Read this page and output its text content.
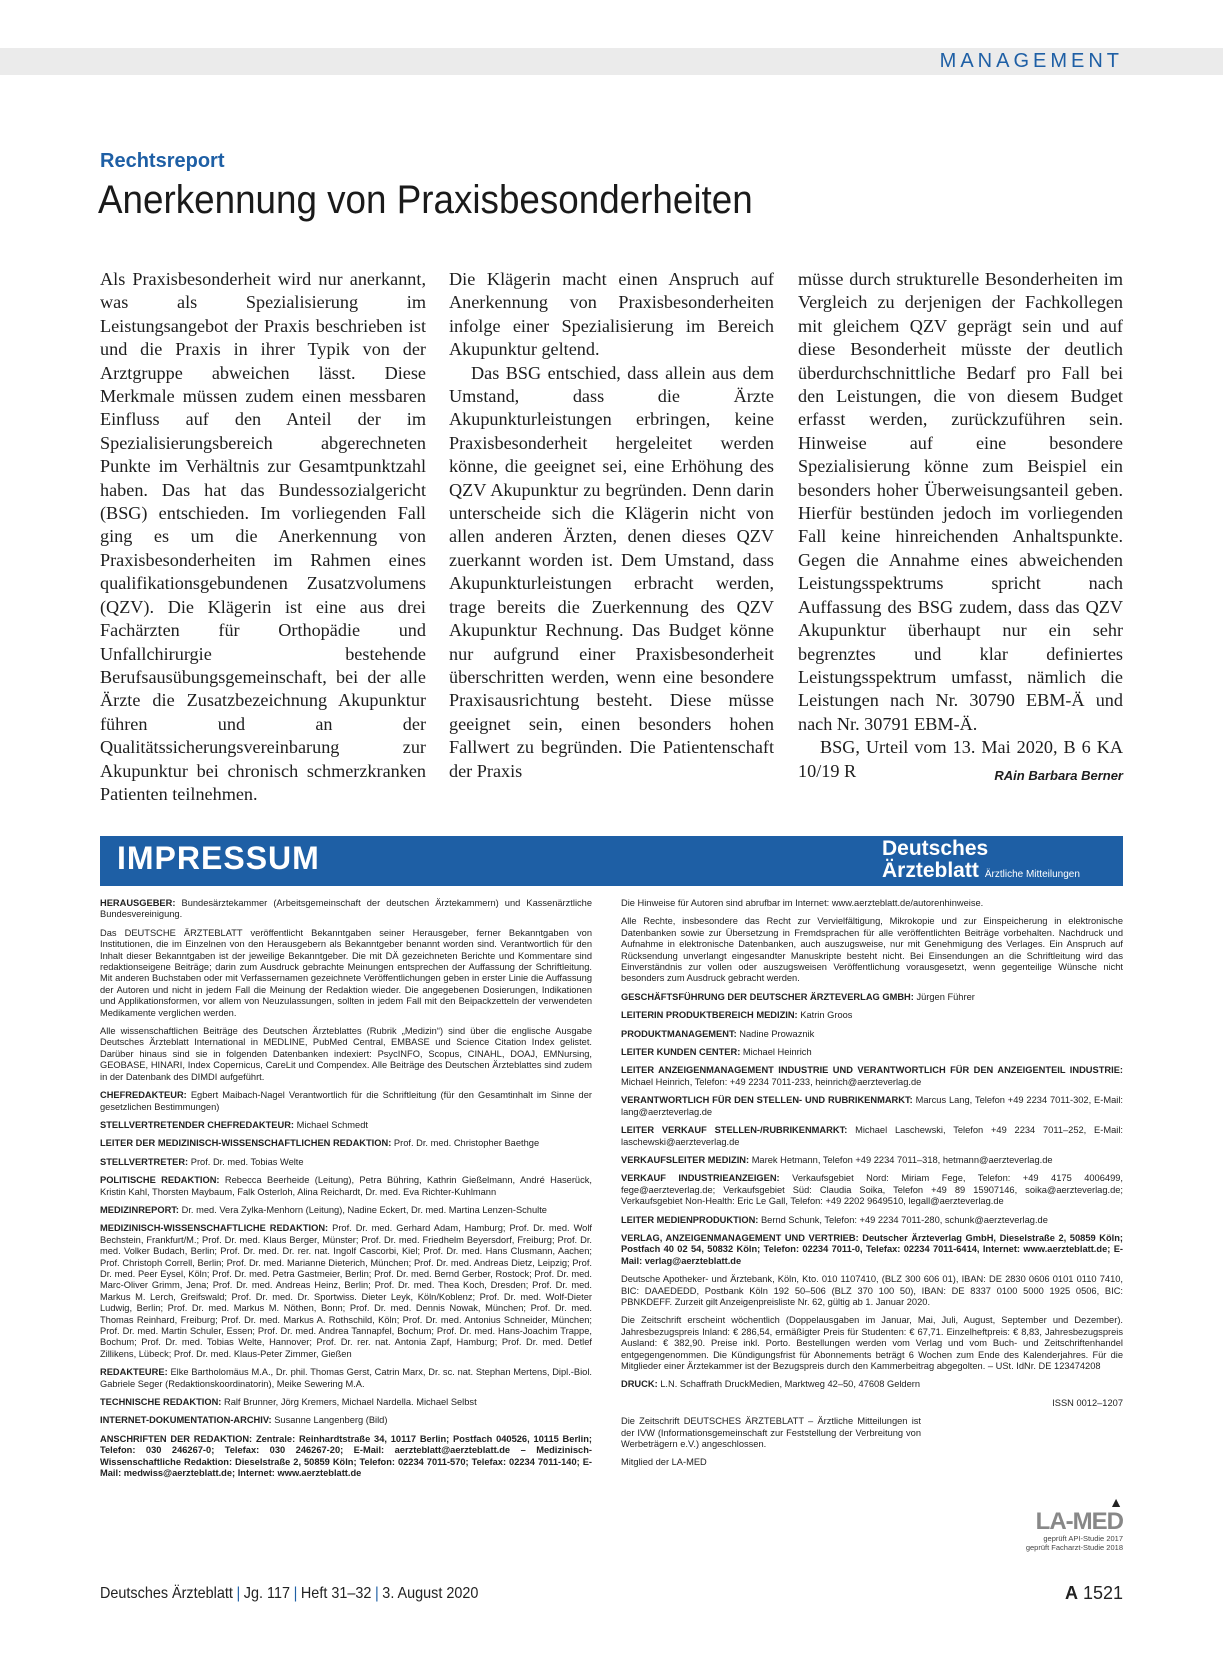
MANAGEMENT
Rechtsreport
Anerkennung von Praxisbesonderheiten

Als Praxisbesonderheit wird nur anerkannt, was als Spezialisierung im Leistungsangebot der Praxis beschrieben ist und die Praxis in ihrer Typik von der Arztgruppe abweichen lässt. Diese Merkmale müssen zudem einen messbaren Einfluss auf den Anteil der im Spezialisierungsbereich abgerechneten Punkte im Verhältnis zur Gesamtpunktzahl haben. Das hat das Bundessozialgericht (BSG) entschieden. Im vorliegenden Fall ging es um die Anerkennung von Praxisbesonderheiten im Rahmen eines qualifikationsgebundenen Zusatzvolumens (QZV). Die Klägerin ist eine aus drei Fachärzten für Orthopädie und Unfallchirurgie bestehende Berufsausübungsgemeinschaft, bei der alle Ärzte die Zusatzbezeichnung Akupunktur führen und an der Qualitätssicherungsvereinbarung zur Akupunktur bei chronisch schmerzkranken Patienten teilnehmen.

Die Klägerin macht einen Anspruch auf Anerkennung von Praxisbesonderheiten infolge einer Spezialisierung im Bereich Akupunktur geltend.

Das BSG entschied, dass allein aus dem Umstand, dass die Ärzte Akupunkturleistungen erbringen, keine Praxisbesonderheit hergeleitet werden könne, die geeignet sei, eine Erhöhung des QZV Akupunktur zu begründen. Denn darin unterscheide sich die Klägerin nicht von allen anderen Ärzten, denen dieses QZV zuerkannt worden ist. Dem Umstand, dass Akupunkturleistungen erbracht werden, trage bereits die Zuerkennung des QZV Akupunktur Rechnung. Das Budget könne nur aufgrund einer Praxisbesonderheit überschritten werden, wenn eine besondere Praxisausrichtung besteht. Diese müsse geeignet sein, einen besonders hohen Fallwert zu begründen. Die Patientenschaft der Praxis

müsse durch strukturelle Besonderheiten im Vergleich zu derjenigen der Fachkollegen mit gleichem QZV geprägt sein und auf diese Besonderheit müsste der deutlich überdurchschnittliche Bedarf pro Fall bei den Leistungen, die von diesem Budget erfasst werden, zurückzuführen sein. Hinweise auf eine besondere Spezialisierung könne zum Beispiel ein besonders hoher Überweisungsanteil geben. Hierfür bestünden jedoch im vorliegenden Fall keine hinreichenden Anhaltspunkte. Gegen die Annahme eines abweichenden Leistungsspektrums spricht nach Auffassung des BSG zudem, dass das QZV Akupunktur überhaupt nur ein sehr begrenztes und klar definiertes Leistungsspektrum umfasst, nämlich die Leistungen nach Nr. 30790 EBM-Ä und nach Nr. 30791 EBM-Ä.

BSG, Urteil vom 13. Mai 2020, B 6 KA 10/19 R	RAin Barbara Berner

IMPRESSUM	Deutsches
Ärzteblatt Ärztliche Mitteilungen

HERAUSGEBER: Bundesärztekammer (Arbeitsgemeinschaft der deutschen Ärztekammern) und Kassenärztliche Bundesvereinigung.

Das DEUTSCHE ÄRZTEBLATT veröffentlicht Bekanntgaben seiner Herausgeber, ferner Bekanntgaben von Institutionen, die im Einzelnen von den Herausgebern als Bekanntgeber benannt worden sind. Verantwortlich für den Inhalt dieser Bekanntgaben ist der jeweilige Bekanntgeber. Die mit DÄ gezeichneten Berichte und Kommentare sind redaktionseigene Beiträge; darin zum Ausdruck gebrachte Meinungen entsprechen der Auffassung der Schriftleitung. Mit anderen Buchstaben oder mit Verfassernamen gezeichnete Veröffentlichungen geben in erster Linie die Auffassung der Autoren und nicht in jedem Fall die Meinung der Redaktion wieder. Die angegebenen Dosierungen, Indikationen und Applikationsformen, vor allem von Neuzulassungen, sollten in jedem Fall mit den Beipackzetteln der verwendeten Medikamente verglichen werden.

Alle wissenschaftlichen Beiträge des Deutschen Ärzteblattes (Rubrik „Medizin“) sind über die englische Ausgabe Deutsches Ärzteblatt International in MEDLINE, PubMed Central, EMBASE und Science Citation Index gelistet. Darüber hinaus sind sie in folgenden Datenbanken indexiert: PsycINFO, Scopus, CINAHL, DOAJ, EMNursing, GEOBASE, HINARI, Index Copernicus, CareLit und Compendex. Alle Beiträge des Deutschen Ärzteblattes sind zudem in der Datenbank des DIMDI aufgeführt.

CHEFREDAKTEUR: Egbert Maibach-Nagel Verantwortlich für die Schriftleitung (für den Gesamtinhalt im Sinne der gesetzlichen Bestimmungen)

STELLVERTRETENDER CHEFREDAKTEUR: Michael Schmedt

LEITER DER MEDIZINISCH-WISSENSCHAFTLICHEN REDAKTION: Prof. Dr. med. Christopher Baethge

STELLVERTRETER: Prof. Dr. med. Tobias Welte

POLITISCHE REDAKTION: Rebecca Beerheide (Leitung), Petra Bühring, Kathrin Gießelmann, André Haserück, Kristin Kahl, Thorsten Maybaum, Falk Osterloh, Alina Reichardt, Dr. med. Eva Richter-Kuhlmann

MEDIZINREPORT: Dr. med. Vera Zylka-Menhorn (Leitung), Nadine Eckert, Dr. med. Martina Lenzen-Schulte

MEDIZINISCH-WISSENSCHAFTLICHE REDAKTION: Prof. Dr. med. Gerhard Adam, Hamburg; Prof. Dr. med. Wolf Bechstein, Frankfurt/M.; Prof. Dr. med. Klaus Berger, Münster; Prof. Dr. med. Friedhelm Beyersdorf, Freiburg; Prof. Dr. med. Volker Budach, Berlin; Prof. Dr. med. Dr. rer. nat. Ingolf Cascorbi, Kiel; Prof. Dr. med. Hans Clusmann, Aachen; Prof. Christoph Correll, Berlin; Prof. Dr. med. Marianne Dieterich, München; Prof. Dr. med. Andreas Dietz, Leipzig; Prof. Dr. med. Peer Eysel, Köln; Prof. Dr. med. Petra Gastmeier, Berlin; Prof. Dr. med. Bernd Gerber, Rostock; Prof. Dr. med. Marc-Oliver Grimm, Jena; Prof. Dr. med. Andreas Heinz, Berlin; Prof. Dr. med. Thea Koch, Dresden; Prof. Dr. med. Markus M. Lerch, Greifswald; Prof. Dr. med. Dr. Sportwiss. Dieter Leyk, Köln/Koblenz; Prof. Dr. med. Wolf-Dieter Ludwig, Berlin; Prof. Dr. med. Markus M. Nöthen, Bonn; Prof. Dr. med. Dennis Nowak, München; Prof. Dr. med. Thomas Reinhard, Freiburg; Prof. Dr. med. Markus A. Rothschild, Köln; Prof. Dr. med. Antonius Schneider, München; Prof. Dr. med. Martin Schuler, Essen; Prof. Dr. med. Andrea Tannapfel, Bochum; Prof. Dr. med. Hans-Joachim Trappe, Bochum; Prof. Dr. med. Tobias Welte, Hannover; Prof. Dr. rer. nat. Antonia Zapf, Hamburg; Prof. Dr. med. Detlef Zillikens, Lübeck; Prof. Dr. med. Klaus-Peter Zimmer, Gießen

REDAKTEURE: Elke Bartholomäus M.A., Dr. phil. Thomas Gerst, Catrin Marx, Dr. sc. nat. Stephan Mertens, Dipl.-Biol. Gabriele Seger (Redaktionskoordinatorin), Meike Sewering M.A.

TECHNISCHE REDAKTION: Ralf Brunner, Jörg Kremers, Michael Nardella. Michael Selbst

INTERNET-DOKUMENTATION-ARCHIV: Susanne Langenberg (Bild)

ANSCHRIFTEN DER REDAKTION: Zentrale: Reinhardtstraße 34, 10117 Berlin; Postfach 040526, 10115 Berlin; Telefon: 030 246267-0; Telefax: 030 246267-20; E-Mail: aerzteblatt@aerzteblatt.de – Medizinisch-Wissenschaftliche Redaktion: Dieselstraße 2, 50859 Köln; Telefon: 02234 7011-570; Telefax: 02234 7011-140; E-Mail: medwiss@aerzteblatt.de; Internet: www.aerzteblatt.de

Die Hinweise für Autoren sind abrufbar im Internet: www.aerzteblatt.de/autorenhinweise.

Alle Rechte, insbesondere das Recht zur Vervielfältigung, Mikrokopie und zur Einspeicherung in elektronische Datenbanken sowie zur Übersetzung in Fremdsprachen für alle veröffentlichten Beiträge vorbehalten. Nachdruck und Aufnahme in elektronische Datenbanken, auch auszugsweise, nur mit Genehmigung des Verlages. Ein Anspruch auf Rücksendung unverlangt eingesandter Manuskripte besteht nicht. Bei Einsendungen an die Schriftleitung wird das Einverständnis zur vollen oder auszugsweisen Veröffentlichung vorausgesetzt, wenn gegenteilige Wünsche nicht besonders zum Ausdruck gebracht werden.

GESCHÄFTSFÜHRUNG DER DEUTSCHER ÄRZTEVERLAG GMBH: Jürgen Führer

LEITERIN PRODUKTBEREICH MEDIZIN: Katrin Groos

PRODUKTMANAGEMENT: Nadine Prowaznik

LEITER KUNDEN CENTER: Michael Heinrich

LEITER ANZEIGENMANAGEMENT INDUSTRIE UND VERANTWORTLICH FÜR DEN ANZEIGENTEIL INDUSTRIE: Michael Heinrich, Telefon: +49 2234 7011-233, heinrich@aerzteverlag.de

VERANTWORTLICH FÜR DEN STELLEN- UND RUBRIKENMARKT: Marcus Lang, Telefon +49 2234 7011-302, E-Mail: lang@aerzteverlag.de

LEITER VERKAUF STELLEN-/RUBRIKENMARKT: Michael Laschewski, Telefon +49 2234 7011–252, E-Mail: laschewski@aerzteverlag.de

VERKAUFSLEITER MEDIZIN: Marek Hetmann, Telefon +49 2234 7011–318, hetmann@aerzteverlag.de

VERKAUF INDUSTRIEANZEIGEN: Verkaufsgebiet Nord: Miriam Fege, Telefon: +49 4175 4006499, fege@aerzteverlag.de; Verkaufsgebiet Süd: Claudia Soika, Telefon +49 89 15907146, soika@aerzteverlag.de; Verkaufsgebiet Non-Health: Eric Le Gall, Telefon: +49 2202 9649510, legall@aerzteverlag.de

LEITER MEDIENPRODUKTION: Bernd Schunk, Telefon: +49 2234 7011-280, schunk@aerzteverlag.de

VERLAG, ANZEIGENMANAGEMENT UND VERTRIEB: Deutscher Ärzteverlag GmbH, Dieselstraße 2, 50859 Köln; Postfach 40 02 54, 50832 Köln; Telefon: 02234 7011-0, Telefax: 02234 7011-6414, Internet: www.aerzteblatt.de; E-Mail: verlag@aerzteblatt.de

Deutsche Apotheker- und Ärztebank, Köln, Kto. 010 1107410, (BLZ 300 606 01), IBAN: DE 2830 0606 0101 0110 7410, BIC: DAAEDEDD, Postbank Köln 192 50–506 (BLZ 370 100 50), IBAN: DE 8337 0100 5000 1925 0506, BIC: PBNKDEFF. Zurzeit gilt Anzeigenpreisliste Nr. 62, gültig ab 1. Januar 2020.

Die Zeitschrift erscheint wöchentlich (Doppelausgaben im Januar, Mai, Juli, August, September und Dezember). Jahresbezugspreis Inland: € 286,54, ermäßigter Preis für Studenten: € 67,71. Einzelheftpreis: € 8,83, Jahresbezugspreis Ausland: € 382,90. Preise inkl. Porto. Bestellungen werden vom Verlag und vom Buch- und Zeitschriftenhandel entgegengenommen. Die Kündigungsfrist für Abonnements beträgt 6 Wochen zum Ende des Kalenderjahres. Für die Mitglieder einer Ärztekammer ist der Bezugspreis durch den Kammerbeitrag abgegolten. – USt. IdNr. DE 123474208

DRUCK: L.N. Schaffrath DruckMedien, Marktweg 42–50, 47608 Geldern

ISSN 0012–1207

Die Zeitschrift DEUTSCHES ÄRZTEBLATT – Ärztliche Mitteilungen ist der IVW (Informationsgemeinschaft zur Feststellung der Verbreitung von Werbeträgern e.V.) angeschlossen.

Mitglied der LA-MED

▲
LA-MED
geprüft API-Studie 2017
geprüft Facharzt-Studie 2018
Deutsches Ärzteblatt | Jg. 117 | Heft 31–32 | 3. August 2020	A 1521
